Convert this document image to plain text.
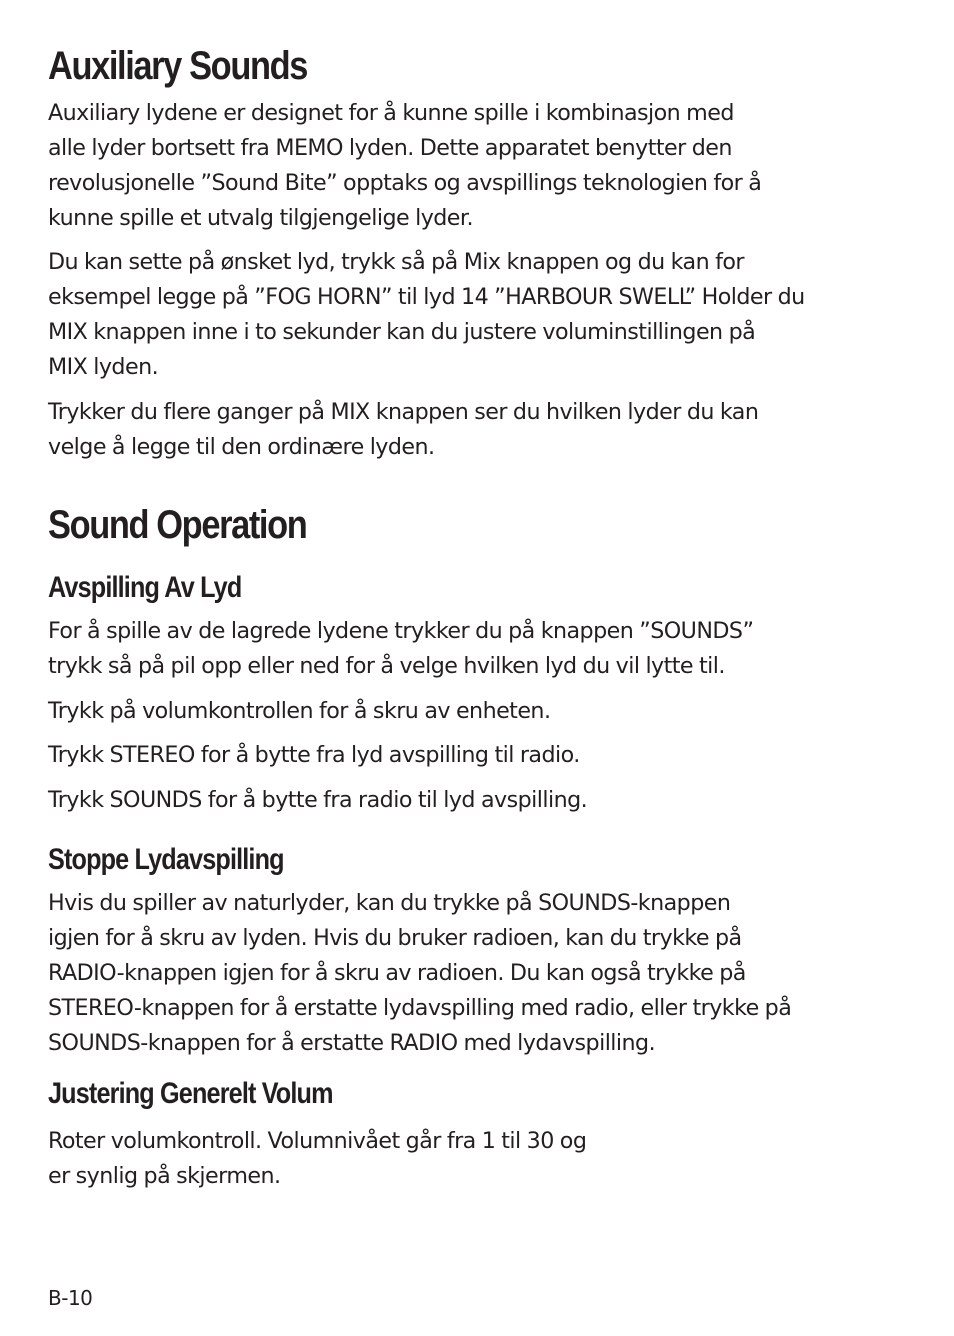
Auxiliary Sounds

Auxiliary lydene er designet for å kunne spille i kombinasjon med
alle lyder bortsett fra MEMO lyden. Dette apparatet benytter den
revolusjonelle ”Sound Bite” opptaks og avspillings teknologien for å
kunne spille et utvalg tilgjengelige lyder.

Du kan sette på ønsket lyd, trykk så på Mix knappen og du kan for
eksempel legge på ”FOG HORN” til lyd 14 ”HARBOUR SWELL” Holder du
MIX knappen inne i to sekunder kan du justere voluminstillingen på
MIX lyden.

Trykker du flere ganger på MIX knappen ser du hvilken lyder du kan
velge å legge til den ordinære lyden.

Sound Operation
Avspilling Av Lyd

For å spille av de lagrede lydene trykker du på knappen ”SOUNDS”
trykk så på pil opp eller ned for å velge hvilken lyd du vil lytte til.

Trykk på volumkontrollen for å skru av enheten.

Trykk STEREO for å bytte fra lyd avspilling til radio.

Trykk SOUNDS for å bytte fra radio til lyd avspilling.

Stoppe Lydavspilling

Hvis du spiller av naturlyder, kan du trykke på SOUNDS-knappen
igjen for å skru av lyden. Hvis du bruker radioen, kan du trykke på
RADIO-knappen igjen for å skru av radioen. Du kan også trykke på
STEREO-knappen for å erstatte lydavspilling med radio, eller trykke på
SOUNDS-knappen for å erstatte RADIO med lydavspilling.

Justering Generelt Volum

Roter volumkontroll. Volumnivået går fra 1 til 30 og
er synlig på skjermen.

B-10
